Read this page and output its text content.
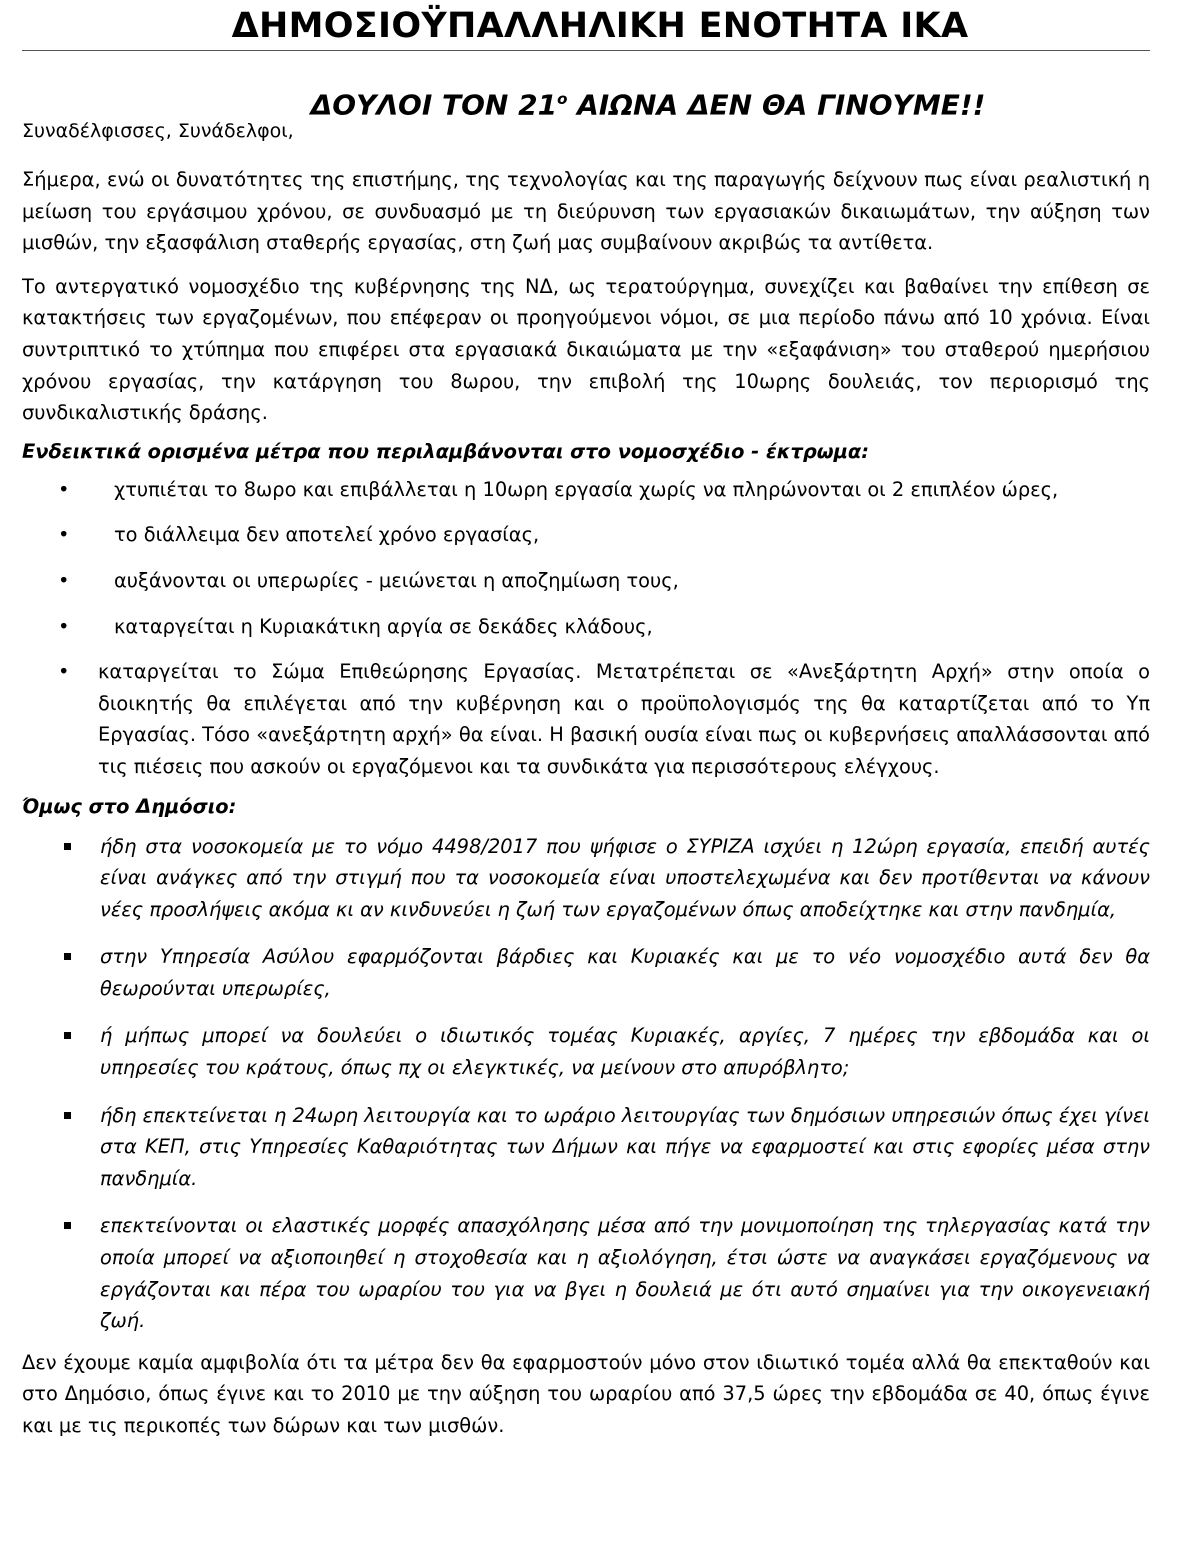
ΔΗΜΟΣΙΟΫΠΑΛΛΗΛΙΚΗ ΕΝΟΤΗΤΑ ΙΚΑ
ΔΟΥΛΟΙ ΤΟΝ $21^o$ ΑΙΩΝΑ ΔΕΝ ΘΑ ΓΙΝΟΥΜΕ!!

Συναδέλφισσες, Συνάδελφοι,

Σήμερα, ενώ οι δυνατότητες της επιστήμης, της τεχνολογίας και της παραγωγής δείχνουν πως είναι ρεαλιστική η μείωση του εργάσιμου χρόνου, σε συνδυασμό με τη διεύρυνση των εργασιακών δικαιωμάτων, την αύξηση των μισθών, την εξασφάλιση σταθερής εργασίας, στη ζωή μας συμβαίνουν ακριβώς τα αντίθετα.

Το αντεργατικό νομοσχέδιο της κυβέρνησης της ΝΔ, ως τερατούργημα, συνεχίζει και βαθαίνει την επίθεση σε κατακτήσεις των εργαζομένων, που επέφεραν οι προηγούμενοι νόμοι, σε μια περίοδο πάνω από 10 χρόνια. Είναι συντριπτικό το χτύπημα που επιφέρει στα εργασιακά δικαιώματα με την «εξαφάνιση» του σταθερού ημερήσιου χρόνου εργασίας, την κατάργηση του 8ωρου, την επιβολή της 10ωρης δουλειάς, τον περιορισμό της συνδικαλιστικής δράσης.

Ενδεικτικά ορισμένα μέτρα που περιλαμβάνονται στο νομοσχέδιο - έκτρωμα:

• χτυπιέται το 8ωρο και επιβάλλεται η 10ωρη εργασία χωρίς να πληρώνονται οι 2 επιπλέον ώρες,
• το διάλλειμα δεν αποτελεί χρόνο εργασίας,
• αυξάνονται οι υπερωρίες - μειώνεται η αποζημίωση τους,
• καταργείται η Κυριακάτικη αργία σε δεκάδες κλάδους,
• καταργείται το Σώμα Επιθεώρησης Εργασίας. Μετατρέπεται σε «Ανεξάρτητη Αρχή» στην οποία ο διοικητής θα επιλέγεται από την κυβέρνηση και ο προϋπολογισμός της θα καταρτίζεται από το Υπ Εργασίας. Τόσο «ανεξάρτητη αρχή» θα είναι. Η βασική ουσία είναι πως οι κυβερνήσεις απαλλάσσονται από τις πιέσεις που ασκούν οι εργαζόμενοι και τα συνδικάτα για περισσότερους ελέγχους.

Όμως στο Δημόσιο:

ήδη στα νοσοκομεία με το νόμο 4498/2017 που ψήφισε ο ΣΥΡΙΖΑ ισχύει η 12ώρη εργασία, επειδή αυτές είναι ανάγκες από την στιγμή που τα νοσοκομεία είναι υποστελεχωμένα και δεν προτίθενται να κάνουν νέες προσλήψεις ακόμα κι αν κινδυνεύει η ζωή των εργαζομένων όπως αποδείχτηκε και στην πανδημία,
στην Υπηρεσία Ασύλου εφαρμόζονται βάρδιες και Κυριακές και με το νέο νομοσχέδιο αυτά δεν θα θεωρούνται υπερωρίες,
ή μήπως μπορεί να δουλεύει ο ιδιωτικός τομέας Κυριακές, αργίες, 7 ημέρες την εβδομάδα και οι υπηρεσίες του κράτους, όπως πχ οι ελεγκτικές, να μείνουν στο απυρόβλητο;
ήδη επεκτείνεται η 24ωρη λειτουργία και το ωράριο λειτουργίας των δημόσιων υπηρεσιών όπως έχει γίνει στα ΚΕΠ, στις Υπηρεσίες Καθαριότητας των Δήμων και πήγε να εφαρμοστεί και στις εφορίες μέσα στην πανδημία.
επεκτείνονται οι ελαστικές μορφές απασχόλησης μέσα από την μονιμοποίηση της τηλεργασίας κατά την οποία μπορεί να αξιοποιηθεί η στοχοθεσία και η αξιολόγηση, έτσι ώστε να αναγκάσει εργαζόμενους να εργάζονται και πέρα του ωραρίου του για να βγει η δουλειά με ότι αυτό σημαίνει για την οικογενειακή ζωή.

Δεν έχουμε καμία αμφιβολία ότι τα μέτρα δεν θα εφαρμοστούν μόνο στον ιδιωτικό τομέα αλλά θα επεκταθούν και στο Δημόσιο, όπως έγινε και το 2010 με την αύξηση του ωραρίου από 37,5 ώρες την εβδομάδα σε 40, όπως έγινε και με τις περικοπές των δώρων και των μισθών.
